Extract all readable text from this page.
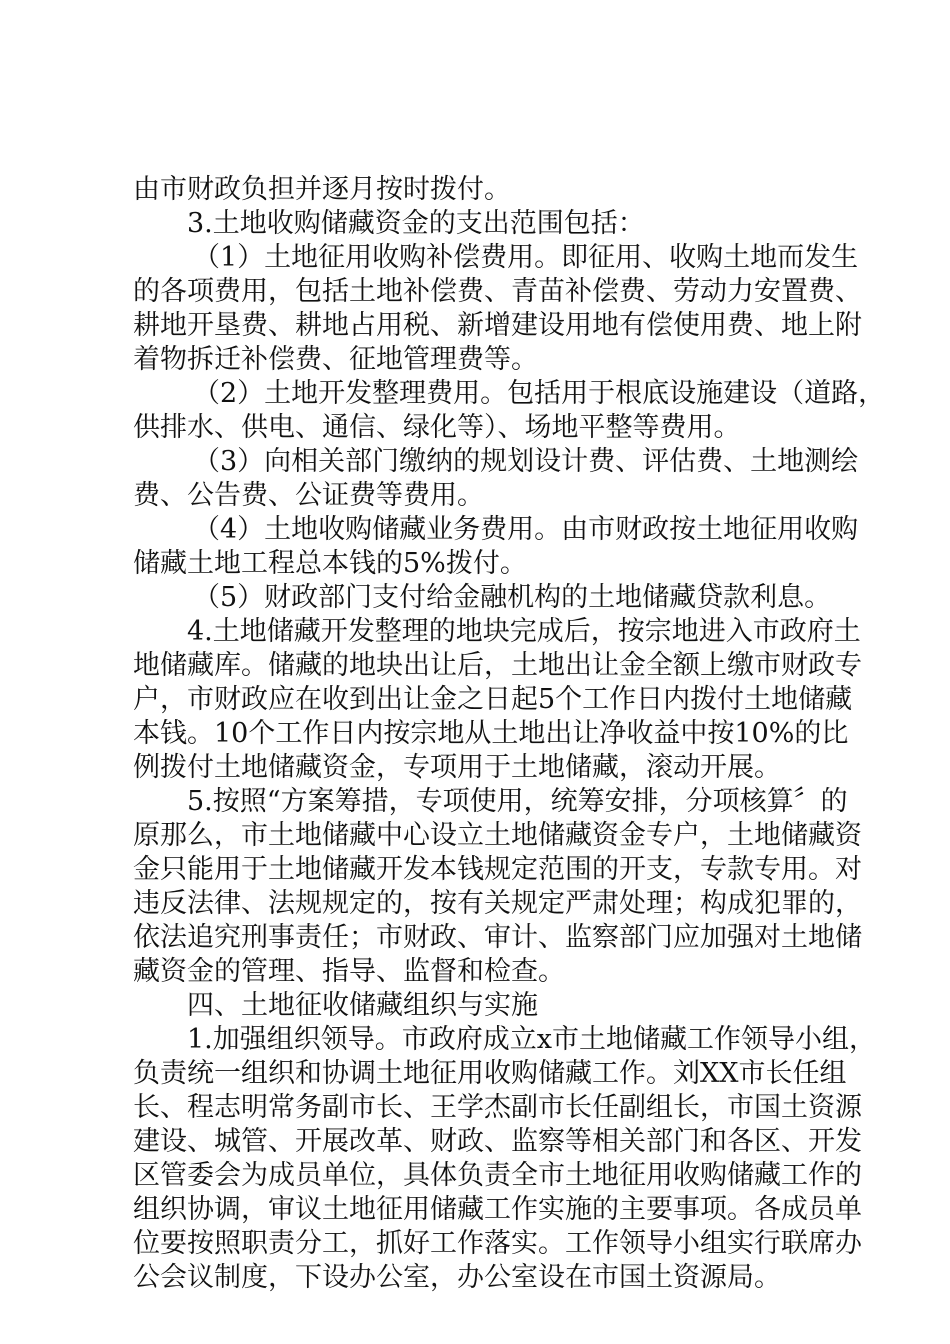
由市财政负担并逐月按时拨付。
3.土地收购储藏资金的支出范围包括：
（1）土地征用收购补偿费用。即征用、收购土地而发生
的各项费用，包括土地补偿费、青苗补偿费、劳动力安置费、
耕地开垦费、耕地占用税、新增建设用地有偿使用费、地上附
着物拆迁补偿费、征地管理费等。
（2）土地开发整理费用。包括用于根底设施建设（道路，
供排水、供电、通信、绿化等）、场地平整等费用。
（3）向相关部门缴纳的规划设计费、评估费、土地测绘
费、公告费、公证费等费用。
（4）土地收购储藏业务费用。由市财政按土地征用收购
储藏土地工程总本钱的5%拨付。
（5）财政部门支付给金融机构的土地储藏贷款利息。
4.土地储藏开发整理的地块完成后，按宗地进入市政府土
地储藏库。储藏的地块出让后，土地出让金全额上缴市财政专
户，市财政应在收到出让金之日起5个工作日内拨付土地储藏
本钱。10个工作日内按宗地从土地出让净收益中按10%的比
例拨付土地储藏资金，专项用于土地储藏，滚动开展。
5.按照“方案筹措，专项使用，统筹安排，分项核算〞的
原那么，市土地储藏中心设立土地储藏资金专户，土地储藏资
金只能用于土地储藏开发本钱规定范围的开支，专款专用。对
违反法律、法规规定的，按有关规定严肃处理；构成犯罪的，
依法追究刑事责任；市财政、审计、监察部门应加强对土地储
藏资金的管理、指导、监督和检查。
四、土地征收储藏组织与实施
1.加强组织领导。市政府成立x市土地储藏工作领导小组，
负责统一组织和协调土地征用收购储藏工作。刘XX市长任组
长、程志明常务副市长、王学杰副市长任副组长，市国土资源
建设、城管、开展改革、财政、监察等相关部门和各区、开发
区管委会为成员单位，具体负责全市土地征用收购储藏工作的
组织协调，审议土地征用储藏工作实施的主要事项。各成员单
位要按照职责分工，抓好工作落实。工作领导小组实行联席办
公会议制度，下设办公室，办公室设在市国土资源局。
